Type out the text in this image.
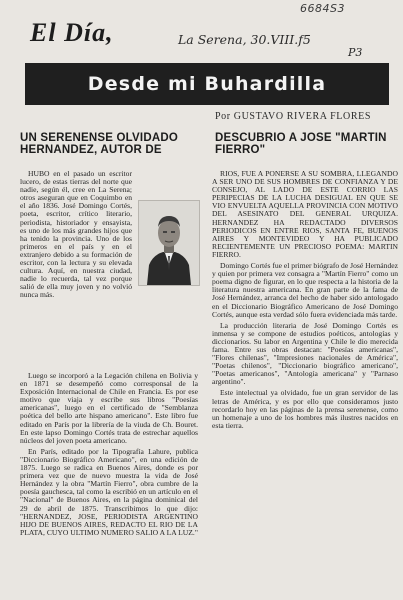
6684S3
El Día,	La Serena, 30.VIII.f5
P3
Desde mi Buhardilla
Por GUSTAVO RIVERA FLORES
UN SERENENSE OLVIDADO HERNANDEZ, AUTOR DE
DESCUBRIO A JOSE "MARTIN FIERRO"

HUBO en el pasado un escritor lucero, de estas tierras del norte que nadie, según él, cree en La Serena; otros aseguran que en Coquimbo en el año 1836. José Domingo Cortés, poeta, escritor, crítico literario, periodista, historiador y ensayista, es uno de los más grandes hijos que ha tenido la provincia. Uno de los primeros en el país y en el extranjero debido a su formación de escritor, con la lectura y su elevada cultura. Aquí, en nuestra ciudad, nadie lo recuerda, tal vez porque salió de ella muy joven y no volvió nunca más.

Luego se incorporó a la Legación chilena en Bolivia y en 1871 se desempeñó como corresponsal de la Exposición Internacional de Chile en Francia. Es por ese motivo que viaja y escribe sus libros "Poesías americanas", luego en el certificado de "Semblanza poética del bello arte hispano americano". Este libro fue editado en París por la librería de la viuda de Ch. Bouret. En este lapso Domingo Cortés trata de estrechar aquellos núcleos del joven poeta americano.

En París, editado por la Tipografía Lahure, publica "Diccionario Biográfico Americano", en una edición de 1875. Luego se radica en Buenos Aires, donde es por primera vez que de nuevo muestra la vida de José Hernández y la obra "Martín Fierro", obra cumbre de la poesía gauchesca, tal como la escribió en un artículo en el "Nacional" de Buenos Aires, en la página dominical del 29 de abril de 1875. Transcribimos lo que dijo: "HERNANDEZ, JOSE, PERIODISTA ARGENTINO HIJO DE BUENOS AIRES, REDACTO EL RIO DE LA PLATA, CUYO ULTIMO NUMERO SALIO A LA LUZ."

RIOS, FUE A PONERSE A SU SOMBRA, LLEGANDO A SER UNO DE SUS HOMBRES DE CONFIANZA Y DE CONSEJO, AL LADO DE ESTE CORRIO LAS PERIPECIAS DE LA LUCHA DESIGUAL EN QUE SE VIO ENVUELTA AQUELLA PROVINCIA CON MOTIVO DEL ASESINATO DEL GENERAL URQUIZA. HERNANDEZ HA REDACTADO DIVERSOS PERIODICOS EN ENTRE RIOS, SANTA FE, BUENOS AIRES Y MONTEVIDEO Y HA PUBLICADO RECIENTEMENTE UN PRECIOSO POEMA: MARTIN FIERRO.

Domingo Cortés fue el primer biógrafo de José Hernández y quien por primera vez consagra a "Martín Fierro" como un poema digno de figurar, en lo que respecta a la historia de la literatura nuestra americana. En gran parte de la fama de José Hernández, arranca del hecho de haber sido antologado en el Diccionario Biográfico Americano de José Domingo Cortés, aunque esta verdad sólo fuera evidenciada más tarde.

La producción literaria de José Domingo Cortés es inmensa y se compone de estudios poéticos, antologías y diccionarios. Su labor en Argentina y Chile le dio merecida fama. Entre sus obras destacan: "Poesías americanas", "Flores chilenas", "Impresiones nacionales de América", "Poetas chilenos", "Diccionario biográfico americano", "Poetas americanos", "Antología americana" y "Parnaso argentino".

Este intelectual ya olvidado, fue un gran servidor de las letras de América, y es por ello que consideramos justo recordarlo hoy en las páginas de la prensa serenense, como un homenaje a uno de los hombres más ilustres nacidos en esta tierra.
